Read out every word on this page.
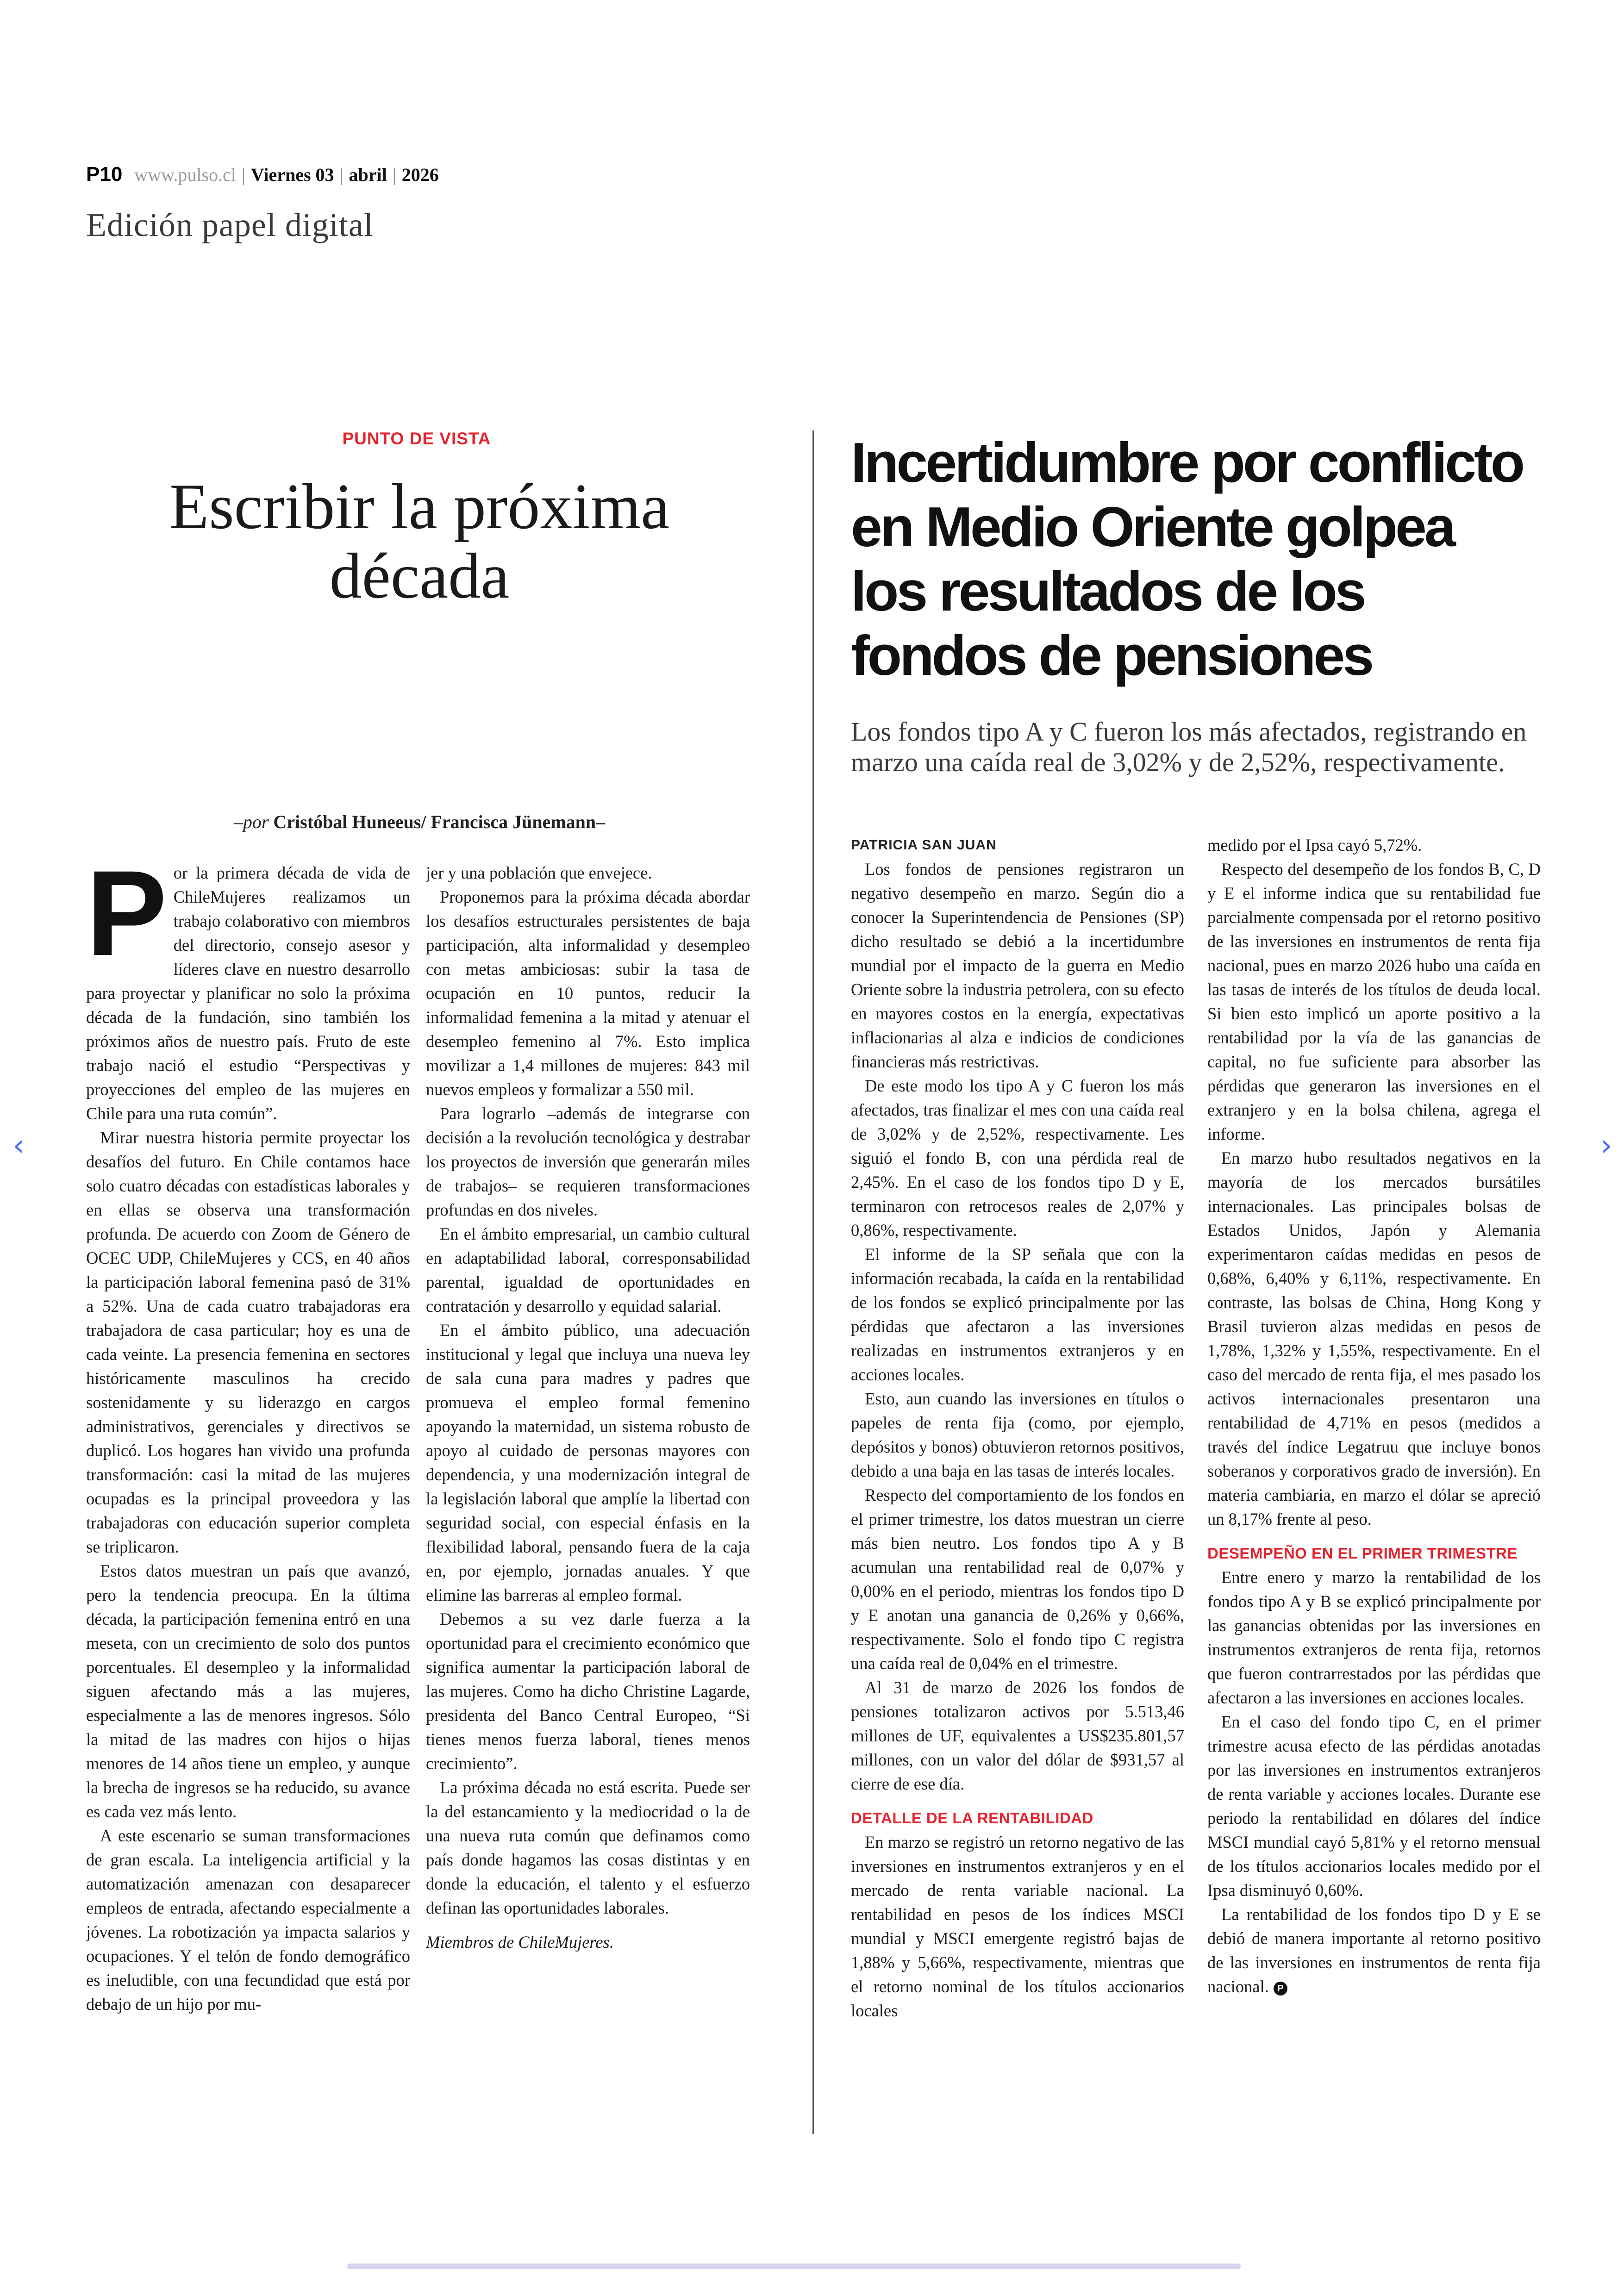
P10 www.pulso.cl | Viernes 03 | abril | 2026
Edición papel digital
PUNTO DE VISTA
Escribir la próxima década
–por Cristóbal Huneeus/ Francisca Jünemann–
P or la primera década de vida de ChileMujeres realizamos un trabajo colaborativo con miembros del directorio, consejo asesor y líderes clave en nuestro desarrollo para proyectar y planificar no solo la próxima década de la fundación, sino también los próximos años de nuestro país. Fruto de este trabajo nació el estudio “Perspectivas y proyecciones del empleo de las mujeres en Chile para una ruta común”.

Mirar nuestra historia permite proyectar los desafíos del futuro. En Chile contamos hace solo cuatro décadas con estadísticas laborales y en ellas se observa una transformación profunda. De acuerdo con Zoom de Género de OCEC UDP, ChileMujeres y CCS, en 40 años la participación laboral femenina pasó de 31% a 52%. Una de cada cuatro trabajadoras era trabajadora de casa particular; hoy es una de cada veinte. La presencia femenina en sectores históricamente masculinos ha crecido sostenidamente y su liderazgo en cargos administrativos, gerenciales y directivos se duplicó. Los hogares han vivido una profunda transformación: casi la mitad de las mujeres ocupadas es la principal proveedora y las trabajadoras con educación superior completa se triplicaron.

Estos datos muestran un país que avanzó, pero la tendencia preocupa. En la última década, la participación femenina entró en una meseta, con un crecimiento de solo dos puntos porcentuales. El desempleo y la informalidad siguen afectando más a las mujeres, especialmente a las de menores ingresos. Sólo la mitad de las madres con hijos o hijas menores de 14 años tiene un empleo, y aunque la brecha de ingresos se ha reducido, su avance es cada vez más lento.

A este escenario se suman transformaciones de gran escala. La inteligencia artificial y la automatización amenazan con desaparecer empleos de entrada, afectando especialmente a jóvenes. La robotización ya impacta salarios y ocupaciones. Y el telón de fondo demográfico es ineludible, con una fecundidad que está por debajo de un hijo por mu-

jer y una población que envejece.

Proponemos para la próxima década abordar los desafíos estructurales persistentes de baja participación, alta informalidad y desempleo con metas ambiciosas: subir la tasa de ocupación en 10 puntos, reducir la informalidad femenina a la mitad y atenuar el desempleo femenino al 7%. Esto implica movilizar a 1,4 millones de mujeres: 843 mil nuevos empleos y formalizar a 550 mil.

Para lograrlo –además de integrarse con decisión a la revolución tecnológica y destrabar los proyectos de inversión que generarán miles de trabajos– se requieren transformaciones profundas en dos niveles.

En el ámbito empresarial, un cambio cultural en adaptabilidad laboral, corresponsabilidad parental, igualdad de oportunidades en contratación y desarrollo y equidad salarial.

En el ámbito público, una adecuación institucional y legal que incluya una nueva ley de sala cuna para madres y padres que promueva el empleo formal femenino apoyando la maternidad, un sistema robusto de apoyo al cuidado de personas mayores con dependencia, y una modernización integral de la legislación laboral que amplíe la libertad con seguridad social, con especial énfasis en la flexibilidad laboral, pensando fuera de la caja en, por ejemplo, jornadas anuales. Y que elimine las barreras al empleo formal.

Debemos a su vez darle fuerza a la oportunidad para el crecimiento económico que significa aumentar la participación laboral de las mujeres. Como ha dicho Christine Lagarde, presidenta del Banco Central Europeo, “Si tienes menos fuerza laboral, tienes menos crecimiento”.

La próxima década no está escrita. Puede ser la del estancamiento y la mediocridad o la de una nueva ruta común que definamos como país donde hagamos las cosas distintas y en donde la educación, el talento y el esfuerzo definan las oportunidades laborales.

Miembros de ChileMujeres.

Incertidumbre por conflicto en Medio Oriente golpea los resultados de los fondos de pensiones
Los fondos tipo A y C fueron los más afectados, registrando en marzo una caída real de 3,02% y de 2,52%, respectivamente.

PATRICIA SAN JUAN

Los fondos de pensiones registraron un negativo desempeño en marzo. Según dio a conocer la Superintendencia de Pensiones (SP) dicho resultado se debió a la incertidumbre mundial por el impacto de la guerra en Medio Oriente sobre la industria petrolera, con su efecto en mayores costos en la energía, expectativas inflacionarias al alza e indicios de condiciones financieras más restrictivas.

De este modo los tipo A y C fueron los más afectados, tras finalizar el mes con una caída real de 3,02% y de 2,52%, respectivamente. Les siguió el fondo B, con una pérdida real de 2,45%. En el caso de los fondos tipo D y E, terminaron con retrocesos reales de 2,07% y 0,86%, respectivamente.

El informe de la SP señala que con la información recabada, la caída en la rentabilidad de los fondos se explicó principalmente por las pérdidas que afectaron a las inversiones realizadas en instrumentos extranjeros y en acciones locales.

Esto, aun cuando las inversiones en títulos o papeles de renta fija (como, por ejemplo, depósitos y bonos) obtuvieron retornos positivos, debido a una baja en las tasas de interés locales.

Respecto del comportamiento de los fondos en el primer trimestre, los datos muestran un cierre más bien neutro. Los fondos tipo A y B acumulan una rentabilidad real de 0,07% y 0,00% en el periodo, mientras los fondos tipo D y E anotan una ganancia de 0,26% y 0,66%, respectivamente. Solo el fondo tipo C registra una caída real de 0,04% en el trimestre.

Al 31 de marzo de 2026 los fondos de pensiones totalizaron activos por 5.513,46 millones de UF, equivalentes a US$235.801,57 millones, con un valor del dólar de $931,57 al cierre de ese día.

DETALLE DE LA RENTABILIDAD

En marzo se registró un retorno negativo de las inversiones en instrumentos extranjeros y en el mercado de renta variable nacional. La rentabilidad en pesos de los índices MSCI mundial y MSCI emergente registró bajas de 1,88% y 5,66%, respectivamente, mientras que el retorno nominal de los títulos accionarios locales

medido por el Ipsa cayó 5,72%.

Respecto del desempeño de los fondos B, C, D y E el informe indica que su rentabilidad fue parcialmente compensada por el retorno positivo de las inversiones en instrumentos de renta fija nacional, pues en marzo 2026 hubo una caída en las tasas de interés de los títulos de deuda local. Si bien esto implicó un aporte positivo a la rentabilidad por la vía de las ganancias de capital, no fue suficiente para absorber las pérdidas que generaron las inversiones en el extranjero y en la bolsa chilena, agrega el informe.

En marzo hubo resultados negativos en la mayoría de los mercados bursátiles internacionales. Las principales bolsas de Estados Unidos, Japón y Alemania experimentaron caídas medidas en pesos de 0,68%, 6,40% y 6,11%, respectivamente. En contraste, las bolsas de China, Hong Kong y Brasil tuvieron alzas medidas en pesos de 1,78%, 1,32% y 1,55%, respectivamente. En el caso del mercado de renta fija, el mes pasado los activos internacionales presentaron una rentabilidad de 4,71% en pesos (medidos a través del índice Legatruu que incluye bonos soberanos y corporativos grado de inversión). En materia cambiaria, en marzo el dólar se apreció un 8,17% frente al peso.

DESEMPEÑO EN EL PRIMER TRIMESTRE

Entre enero y marzo la rentabilidad de los fondos tipo A y B se explicó principalmente por las ganancias obtenidas por las inversiones en instrumentos extranjeros de renta fija, retornos que fueron contrarrestados por las pérdidas que afectaron a las inversiones en acciones locales.

En el caso del fondo tipo C, en el primer trimestre acusa efecto de las pérdidas anotadas por las inversiones en instrumentos extranjeros de renta variable y acciones locales. Durante ese periodo la rentabilidad en dólares del índice MSCI mundial cayó 5,81% y el retorno mensual de los títulos accionarios locales medido por el Ipsa disminuyó 0,60%.

La rentabilidad de los fondos tipo D y E se debió de manera importante al retorno positivo de las inversiones en instrumentos de renta fija nacional. P

‹	›
